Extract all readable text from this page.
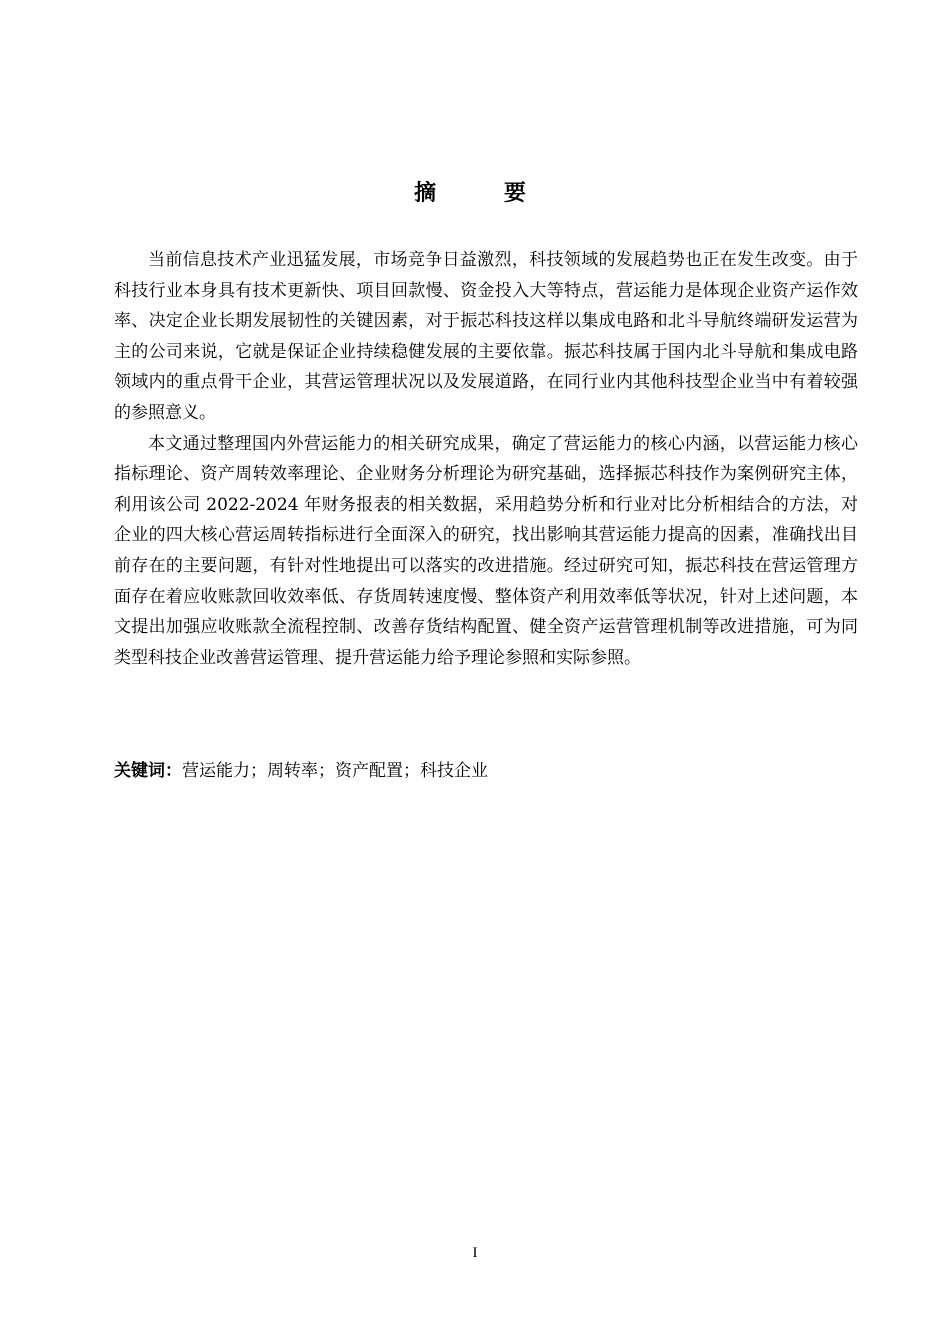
摘 要

当前信息技术产业迅猛发展，市场竞争日益激烈，科技领域的发展趋势也正在发生改变。由于科技行业本身具有技术更新快、项目回款慢、资金投入大等特点，营运能力是体现企业资产运作效率、决定企业长期发展韧性的关键因素，对于振芯科技这样以集成电路和北斗导航终端研发运营为主的公司来说，它就是保证企业持续稳健发展的主要依靠。振芯科技属于国内北斗导航和集成电路领域内的重点骨干企业，其营运管理状况以及发展道路，在同行业内其他科技型企业当中有着较强的参照意义。

本文通过整理国内外营运能力的相关研究成果，确定了营运能力的核心内涵，以营运能力核心指标理论、资产周转效率理论、企业财务分析理论为研究基础，选择振芯科技作为案例研究主体，利用该公司 2022-2024 年财务报表的相关数据，采用趋势分析和行业对比分析相结合的方法，对企业的四大核心营运周转指标进行全面深入的研究，找出影响其营运能力提高的因素，准确找出目前存在的主要问题，有针对性地提出可以落实的改进措施。经过研究可知，振芯科技在营运管理方面存在着应收账款回收效率低、存货周转速度慢、整体资产利用效率低等状况，针对上述问题，本文提出加强应收账款全流程控制、改善存货结构配置、健全资产运营管理机制等改进措施，可为同类型科技企业改善营运管理、提升营运能力给予理论参照和实际参照。

关键词：营运能力；周转率；资产配置；科技企业
I
